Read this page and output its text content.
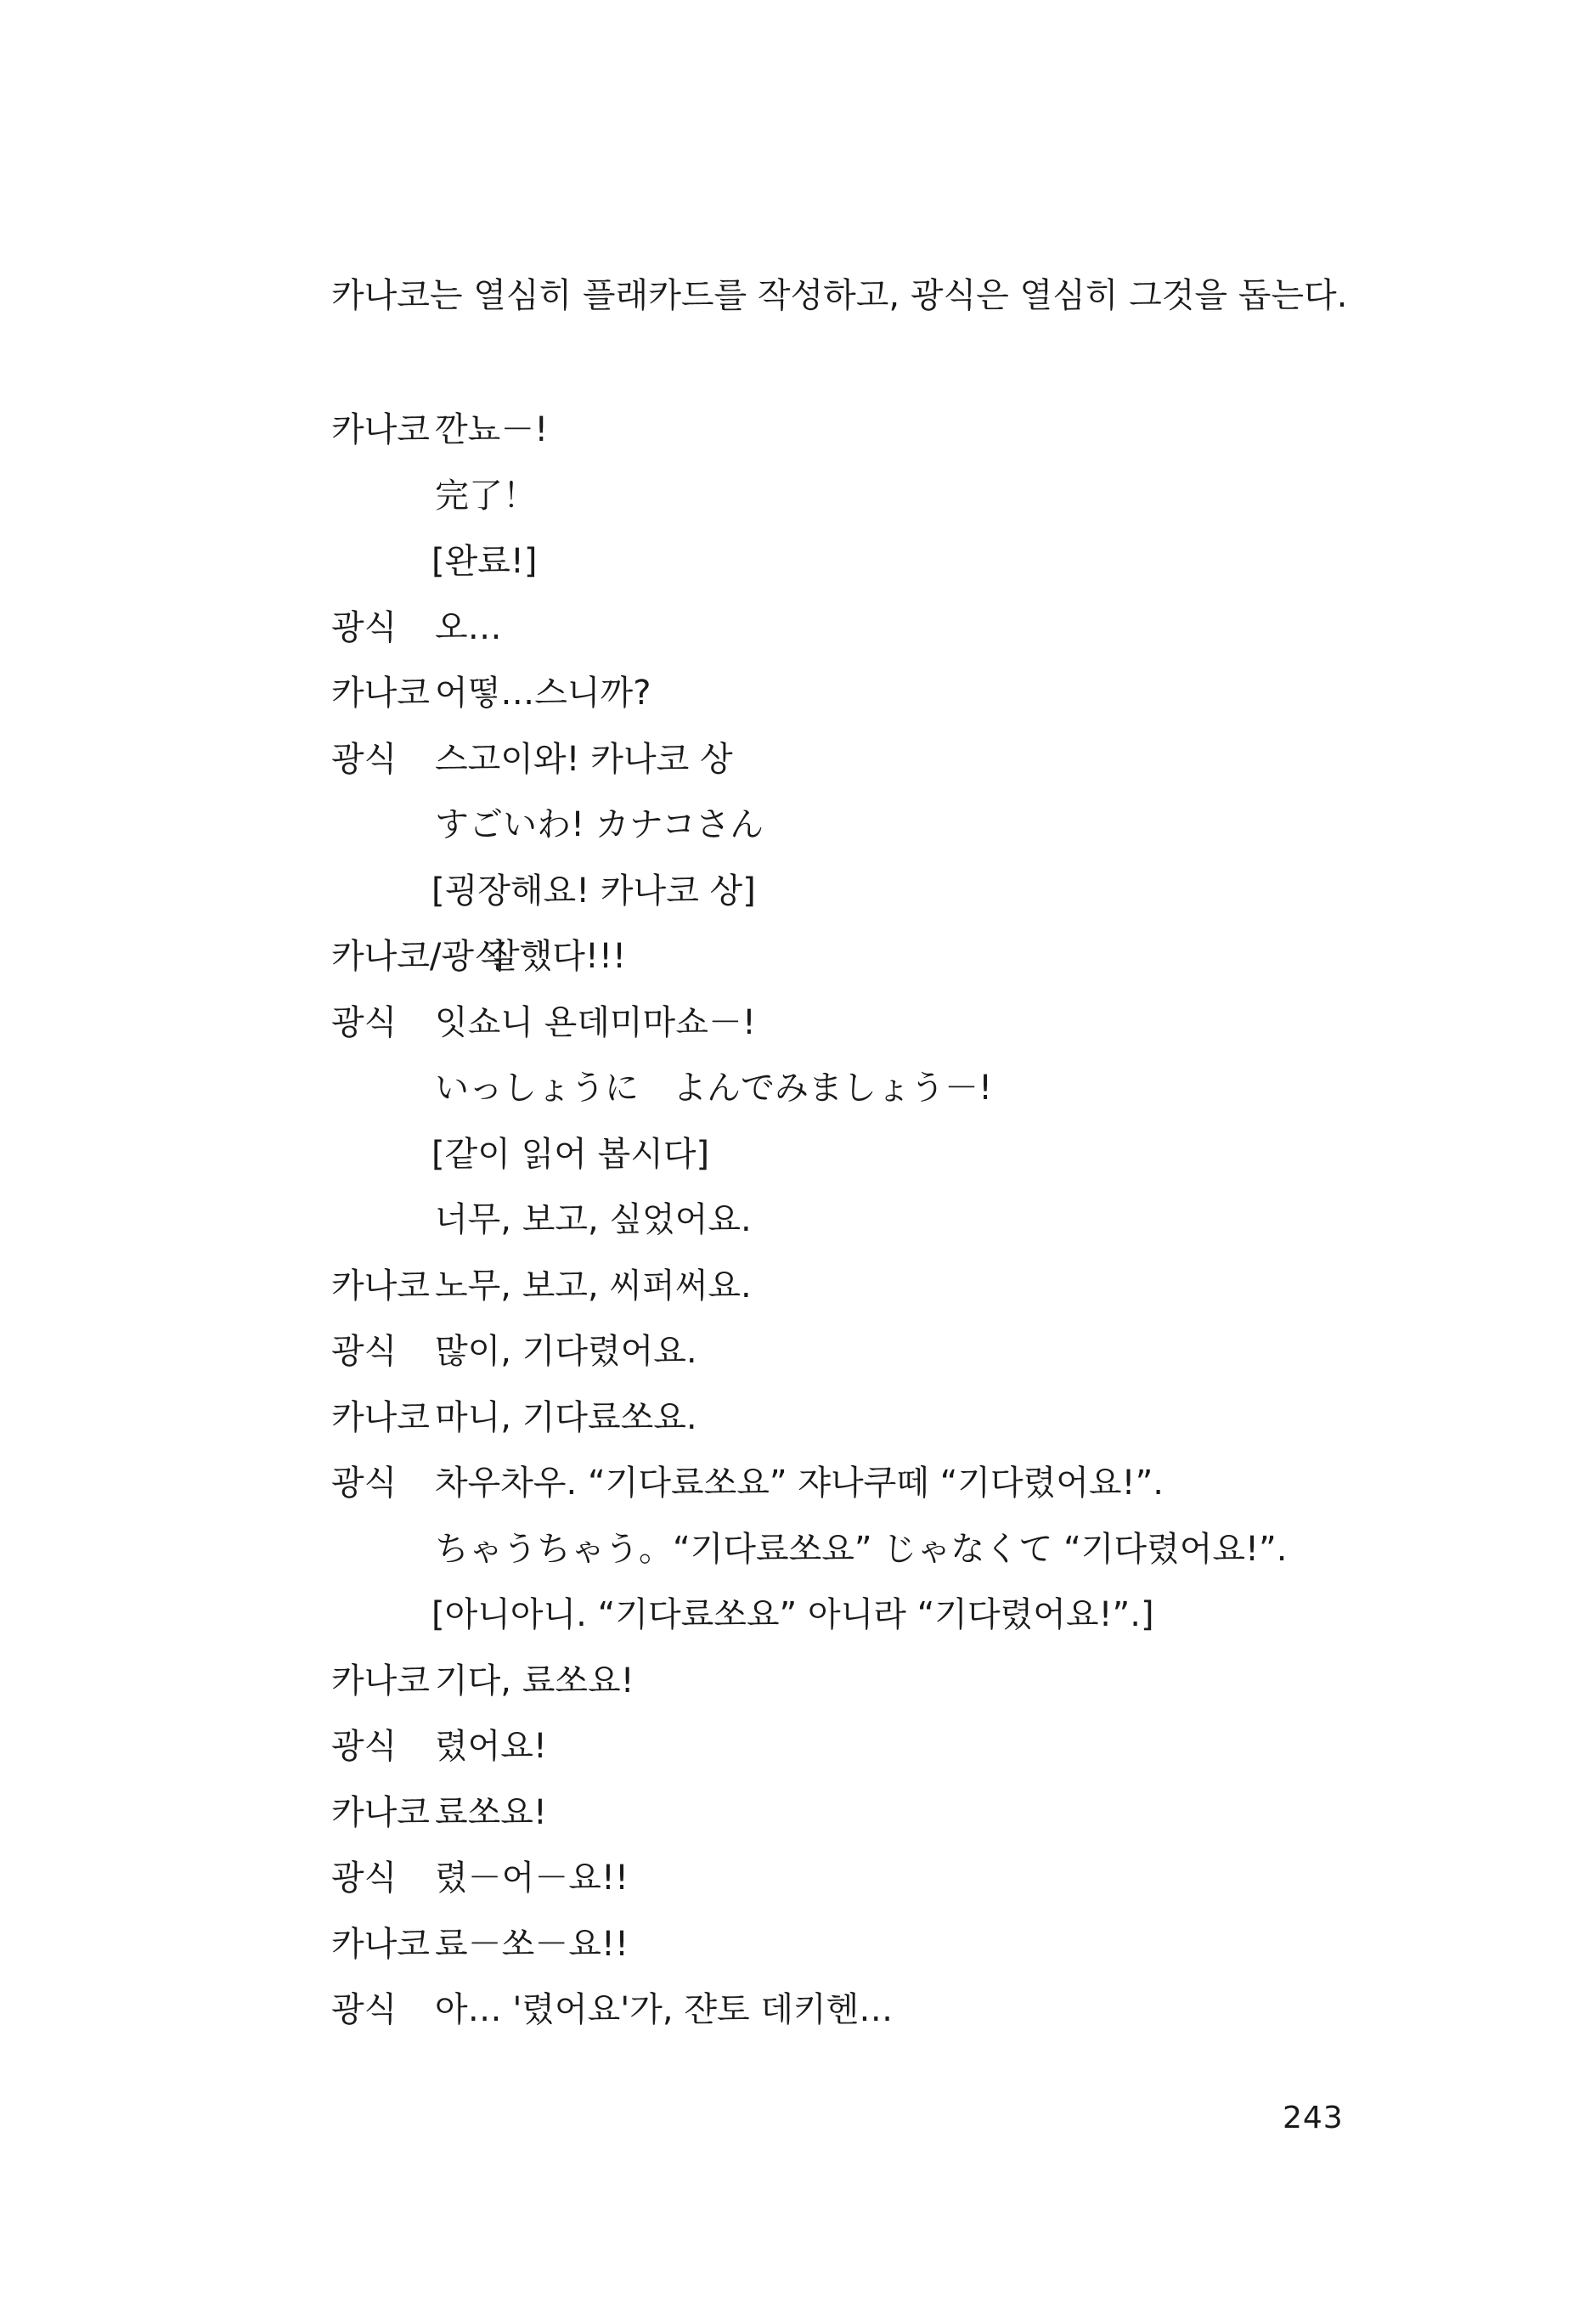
카나코는 열심히 플래카드를 작성하고, 광식은 열심히 그것을 돕는다.
카나코 깐뇨－!
完了！
[완료!]
광식 오…
카나코 어떻…스니까?
광식 스고이와! 카나코 상
すごいわ! カナコさん
[굉장해요! 카나코 상]
카나코/광식
잘했다!!!
광식 잇쇼니 욘데미마쇼－!
いっしょうに　よんでみましょう－!
[같이 읽어 봅시다]
너무, 보고, 싶었어요.
카나코 노무, 보고, 씨퍼써요.
광식 많이, 기다렸어요.
카나코 마니, 기다료쏘요.
광식 차우차우. “기다료쏘요” 쟈나쿠떼 “기다렸어요!”.
ちゃうちゃう。“기다료쏘요” じゃなくて “기다렸어요!”.
[아니아니. “기다료쏘요” 아니라 “기다렸어요!”.]
카나코 기다, 료쏘요!
광식 렸어요!
카나코 료쏘요!
광식 렸－어－요!!
카나코 료－쏘－요!!
광식 아… '렸어요'가, 쟌토 데키헨…
243
